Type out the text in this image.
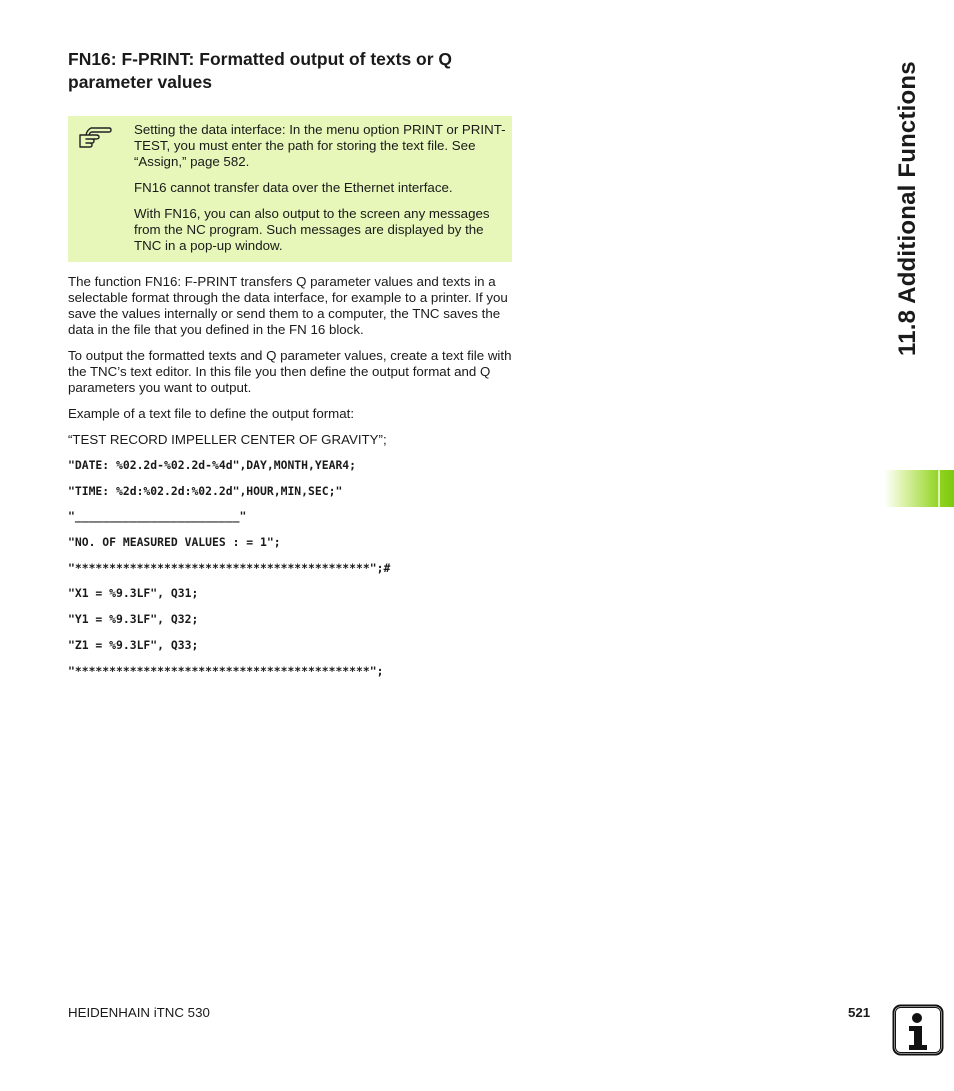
FN16: F-PRINT: Formatted output of texts or Q parameter values

Setting the data interface: In the menu option PRINT or PRINT-TEST, you must enter the path for storing the text file. See “Assign,” page 582.

FN16 cannot transfer data over the Ethernet interface.

With FN16, you can also output to the screen any messages from the NC program. Such messages are displayed by the TNC in a pop-up window.

The function FN16: F-PRINT transfers Q parameter values and texts in a selectable format through the data interface, for example to a printer. If you save the values internally or send them to a computer, the TNC saves the data in the file that you defined in the FN 16 block.

To output the formatted texts and Q parameter values, create a text file with the TNC’s text editor. In this file you then define the output format and Q parameters you want to output.

Example of a text file to define the output format:

“TEST RECORD IMPELLER CENTER OF GRAVITY”;

"DATE: %02.2d-%02.2d-%4d",DAY,MONTH,YEAR4;
"TIME: %2d:%02.2d:%02.2d",HOUR,MIN,SEC;"
"________________________"
"NO. OF MEASURED VALUES : = 1";
"*******************************************";#
"X1 = %9.3LF", Q31;
"Y1 = %9.3LF", Q32;
"Z1 = %9.3LF", Q33;
"*******************************************";
11.8 Additional Functions
HEIDENHAIN iTNC 530	521
